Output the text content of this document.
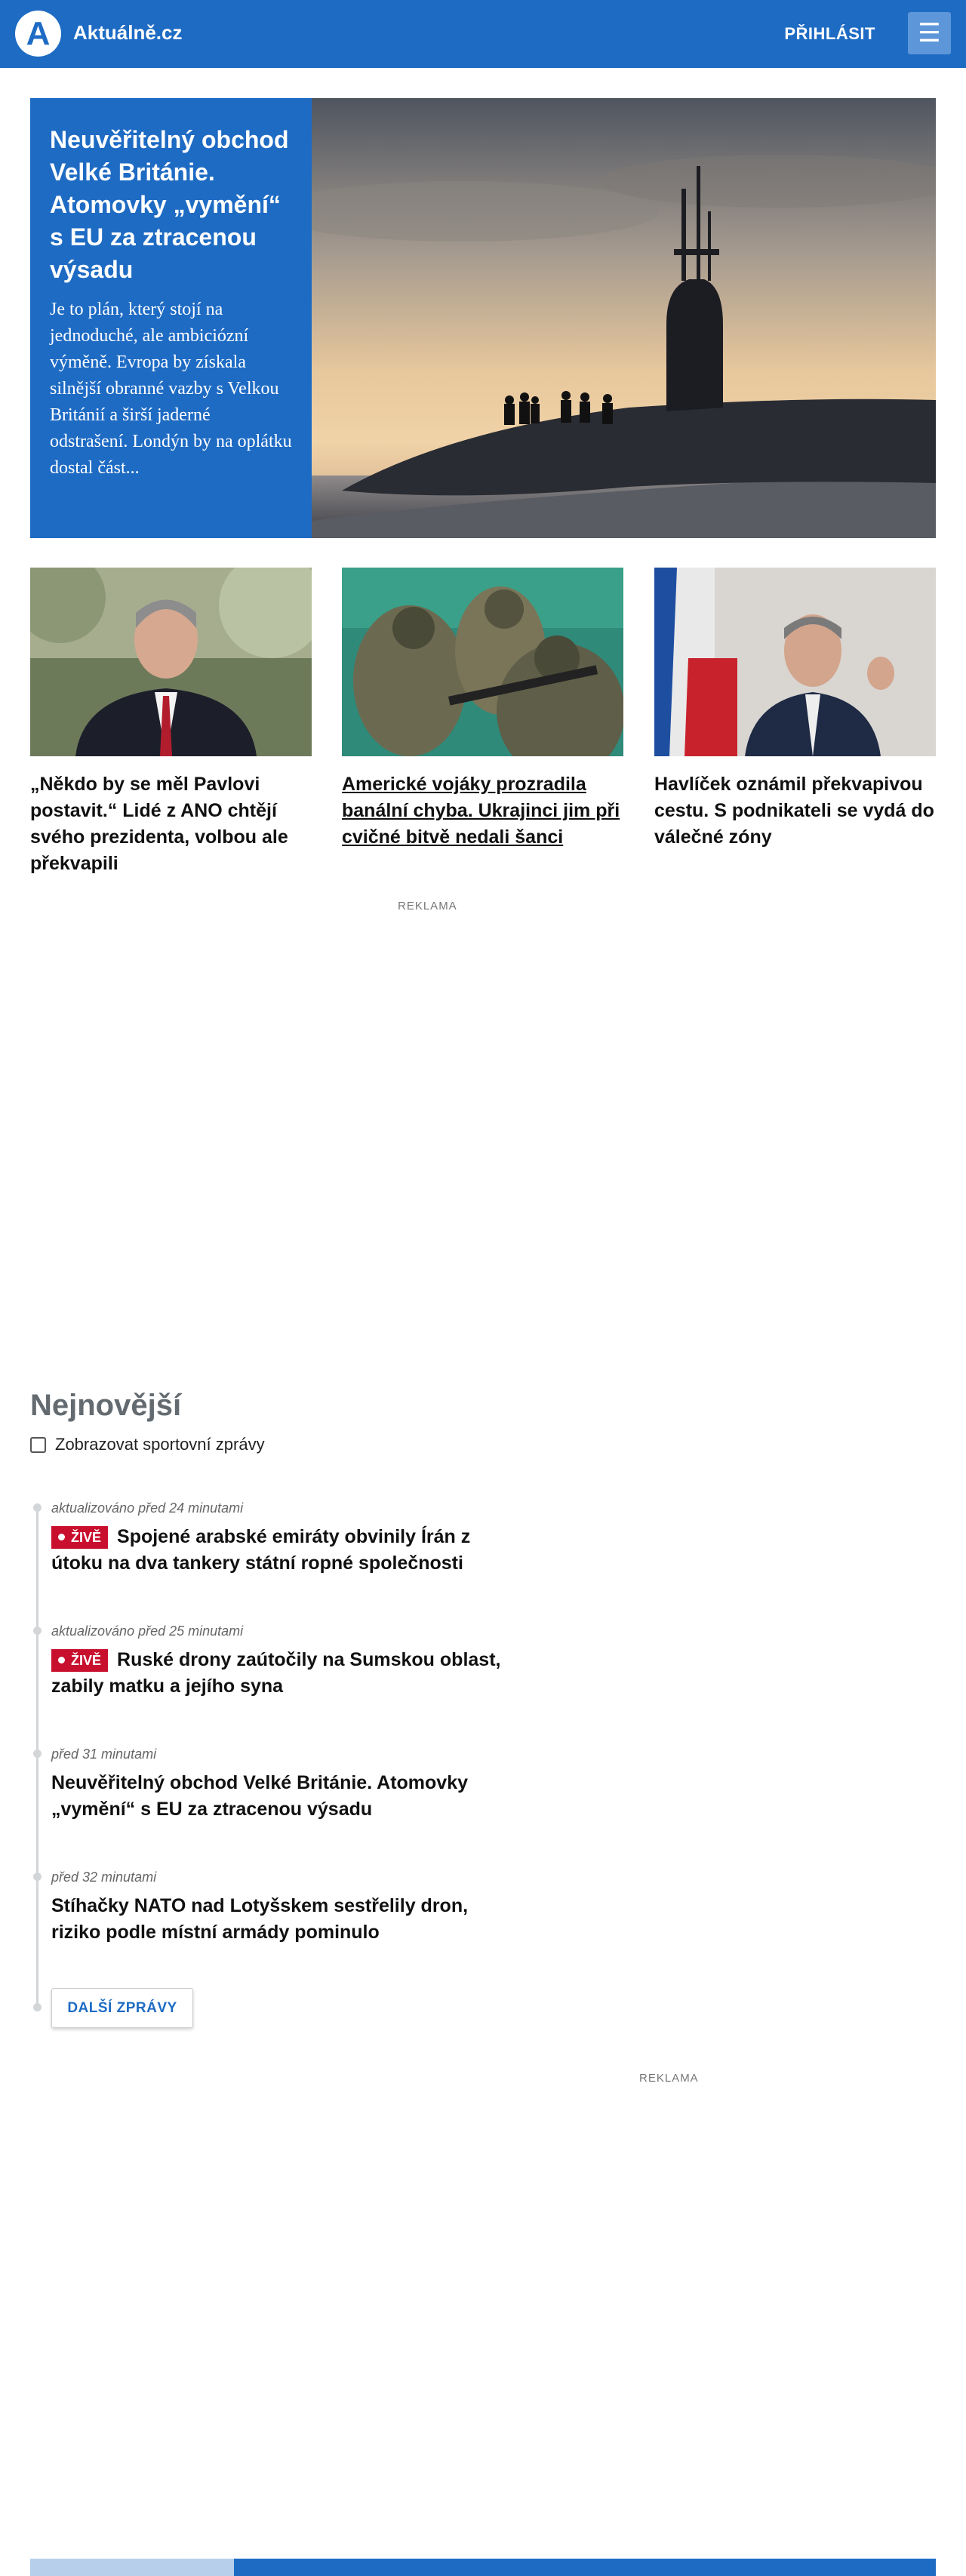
A Aktuálně.cz	PŘIHLÁSIT ☰
Neuvěřitelný obchod Velké Británie. Atomovky „vymění“ s EU za ztracenou výsadu
Je to plán, který stojí na jednoduché, ale ambiciózní výměně. Evropa by získala silnější obranné vazby s Velkou Británií a širší jaderné odstrašení. Londýn by na oplátku dostal část...
„Někdo by se měl Pavlovi postavit.“ Lidé z ANO chtějí svého prezidenta, volbou ale překvapili
Americké vojáky prozradila banální chyba. Ukrajinci jim při cvičné bitvě nedali šanci
Havlíček oznámil překvapivou cestu. S podnikateli se vydá do válečné zóny
REKLAMA
Nejnovější
Zobrazovat sportovní zprávy
aktualizováno před 24 minutami
ŽIVĚ Spojené arabské emiráty obvinily Írán z útoku na dva tankery státní ropné společnosti
aktualizováno před 25 minutami
ŽIVĚ Ruské drony zaútočily na Sumskou oblast, zabily matku a jejího syna
před 31 minutami
Neuvěřitelný obchod Velké Británie. Atomovky „vymění“ s EU za ztracenou výsadu
před 32 minutami
Stíhačky NATO nad Lotyšskem sestřelily dron, riziko podle místní armády pominulo
DALŠÍ ZPRÁVY
REKLAMA
